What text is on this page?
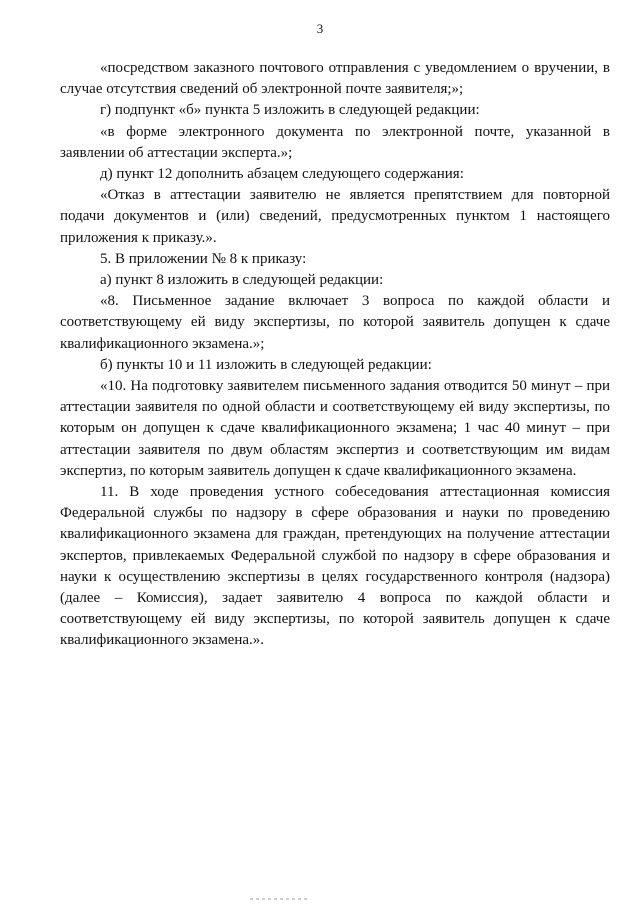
3

«посредством заказного почтового отправления с уведомлением о вручении, в случае отсутствия сведений об электронной почте заявителя;»;

г) подпункт «б» пункта 5 изложить в следующей редакции:

«в форме электронного документа по электронной почте, указанной в заявлении об аттестации эксперта.»;

д) пункт 12 дополнить абзацем следующего содержания:

«Отказ в аттестации заявителю не является препятствием для повторной подачи документов и (или) сведений, предусмотренных пунктом 1 настоящего приложения к приказу.».

5. В приложении № 8 к приказу:

а) пункт 8 изложить в следующей редакции:

«8. Письменное задание включает 3 вопроса по каждой области и соответствующему ей виду экспертизы, по которой заявитель допущен к сдаче квалификационного экзамена.»;

б) пункты 10 и 11 изложить в следующей редакции:

«10. На подготовку заявителем письменного задания отводится 50 минут – при аттестации заявителя по одной области и соответствующему ей виду экспертизы, по которым он допущен к сдаче квалификационного экзамена; 1 час 40 минут – при аттестации заявителя по двум областям экспертиз и соответствующим им видам экспертиз, по которым заявитель допущен к сдаче квалификационного экзамена.

11. В ходе проведения устного собеседования аттестационная комиссия Федеральной службы по надзору в сфере образования и науки по проведению квалификационного экзамена для граждан, претендующих на получение аттестации экспертов, привлекаемых Федеральной службой по надзору в сфере образования и науки к осуществлению экспертизы в целях государственного контроля (надзора) (далее – Комиссия), задает заявителю 4 вопроса по каждой области и соответствующему ей виду экспертизы, по которой заявитель допущен к сдаче квалификационного экзамена.».
